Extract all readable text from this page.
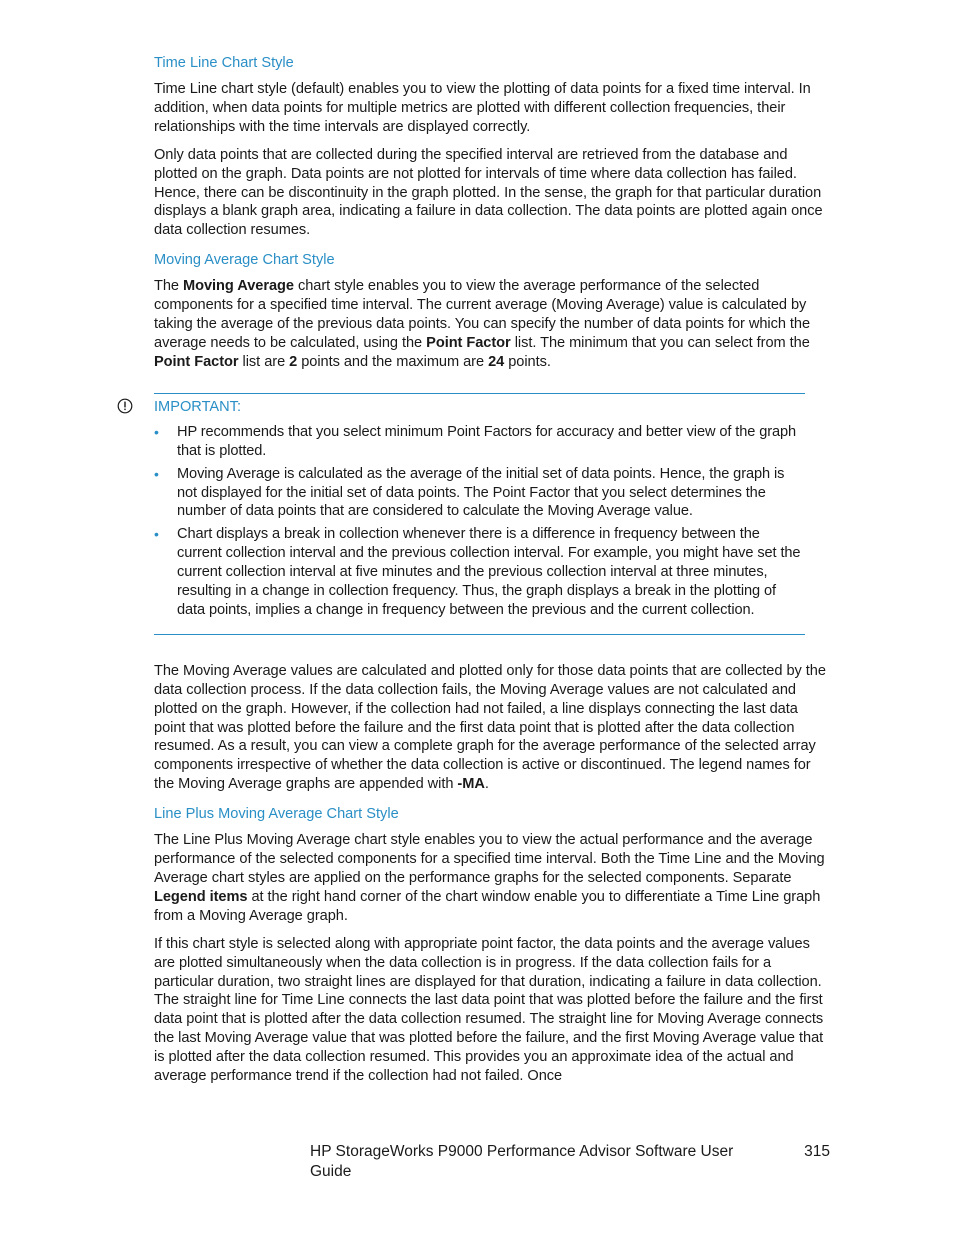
Time Line Chart Style

Time Line chart style (default) enables you to view the plotting of data points for a fixed time interval. In addition, when data points for multiple metrics are plotted with different collection frequencies, their relationships with the time intervals are displayed correctly.

Only data points that are collected during the specified interval are retrieved from the database and plotted on the graph. Data points are not plotted for intervals of time where data collection has failed. Hence, there can be discontinuity in the graph plotted. In the sense, the graph for that particular duration displays a blank graph area, indicating a failure in data collection. The data points are plotted again once data collection resumes.

Moving Average Chart Style

The Moving Average chart style enables you to view the average performance of the selected components for a specified time interval. The current average (Moving Average) value is calculated by taking the average of the previous data points. You can specify the number of data points for which the average needs to be calculated, using the Point Factor list. The minimum that you can select from the Point Factor list are 2 points and the maximum are 24 points.

IMPORTANT:
• HP recommends that you select minimum Point Factors for accuracy and better view of the graph that is plotted.
• Moving Average is calculated as the average of the initial set of data points. Hence, the graph is not displayed for the initial set of data points. The Point Factor that you select determines the number of data points that are considered to calculate the Moving Average value.
• Chart displays a break in collection whenever there is a difference in frequency between the current collection interval and the previous collection interval. For example, you might have set the current collection interval at five minutes and the previous collection interval at three minutes, resulting in a change in collection frequency. Thus, the graph displays a break in the plotting of data points, implies a change in frequency between the previous and the current collection.

The Moving Average values are calculated and plotted only for those data points that are collected by the data collection process. If the data collection fails, the Moving Average values are not calculated and plotted on the graph. However, if the collection had not failed, a line displays connecting the last data point that was plotted before the failure and the first data point that is plotted after the data collection resumed. As a result, you can view a complete graph for the average performance of the selected array components irrespective of whether the data collection is active or discontinued. The legend names for the Moving Average graphs are appended with -MA.

Line Plus Moving Average Chart Style

The Line Plus Moving Average chart style enables you to view the actual performance and the average performance of the selected components for a specified time interval. Both the Time Line and the Moving Average chart styles are applied on the performance graphs for the selected components. Separate Legend items at the right hand corner of the chart window enable you to differentiate a Time Line graph from a Moving Average graph.

If this chart style is selected along with appropriate point factor, the data points and the average values are plotted simultaneously when the data collection is in progress. If the data collection fails for a particular duration, two straight lines are displayed for that duration, indicating a failure in data collection. The straight line for Time Line connects the last data point that was plotted before the failure and the first data point that is plotted after the data collection resumed. The straight line for Moving Average connects the last Moving Average value that was plotted before the failure, and the first Moving Average value that is plotted after the data collection resumed. This provides you an approximate idea of the actual and average performance trend if the collection had not failed. Once

HP StorageWorks P9000 Performance Advisor Software User Guide
315
